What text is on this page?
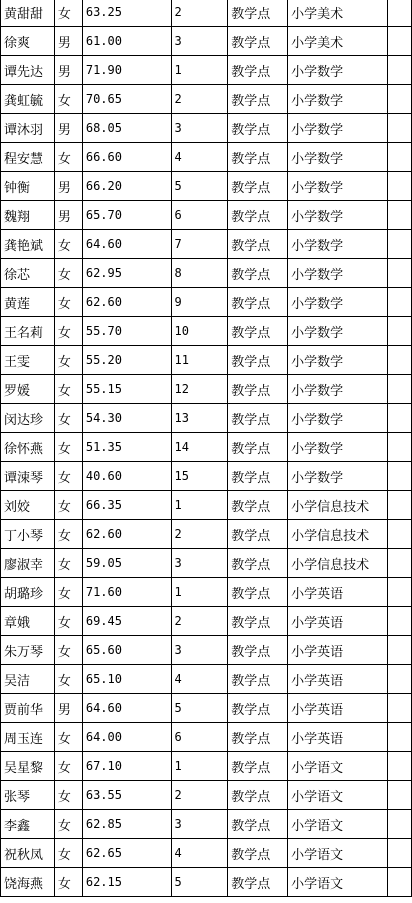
黄甜甜	女	63.25	2	教学点	小学美术	
徐爽	男	61.00	3	教学点	小学美术	
谭先达	男	71.90	1	教学点	小学数学	
龚虹毓	女	70.65	2	教学点	小学数学	
谭沐羽	男	68.05	3	教学点	小学数学	
程安慧	女	66.60	4	教学点	小学数学	
钟衡	男	66.20	5	教学点	小学数学	
魏翔	男	65.70	6	教学点	小学数学	
龚艳斌	女	64.60	7	教学点	小学数学	
徐芯	女	62.95	8	教学点	小学数学	
黄莲	女	62.60	9	教学点	小学数学	
王名莉	女	55.70	10	教学点	小学数学	
王雯	女	55.20	11	教学点	小学数学	
罗媛	女	55.15	12	教学点	小学数学	
闵达珍	女	54.30	13	教学点	小学数学	
徐怀燕	女	51.35	14	教学点	小学数学	
谭涑琴	女	40.60	15	教学点	小学数学	
刘姣	女	66.35	1	教学点	小学信息技术	
丁小琴	女	62.60	2	教学点	小学信息技术	
廖淑幸	女	59.05	3	教学点	小学信息技术	
胡璐珍	女	71.60	1	教学点	小学英语	
章娥	女	69.45	2	教学点	小学英语	
朱万琴	女	65.60	3	教学点	小学英语	
吴洁	女	65.10	4	教学点	小学英语	
贾前华	男	64.60	5	教学点	小学英语	
周玉连	女	64.00	6	教学点	小学英语	
吴星黎	女	67.10	1	教学点	小学语文	
张琴	女	63.55	2	教学点	小学语文	
李鑫	女	62.85	3	教学点	小学语文	
祝秋凤	女	62.65	4	教学点	小学语文	
饶海燕	女	62.15	5	教学点	小学语文	
